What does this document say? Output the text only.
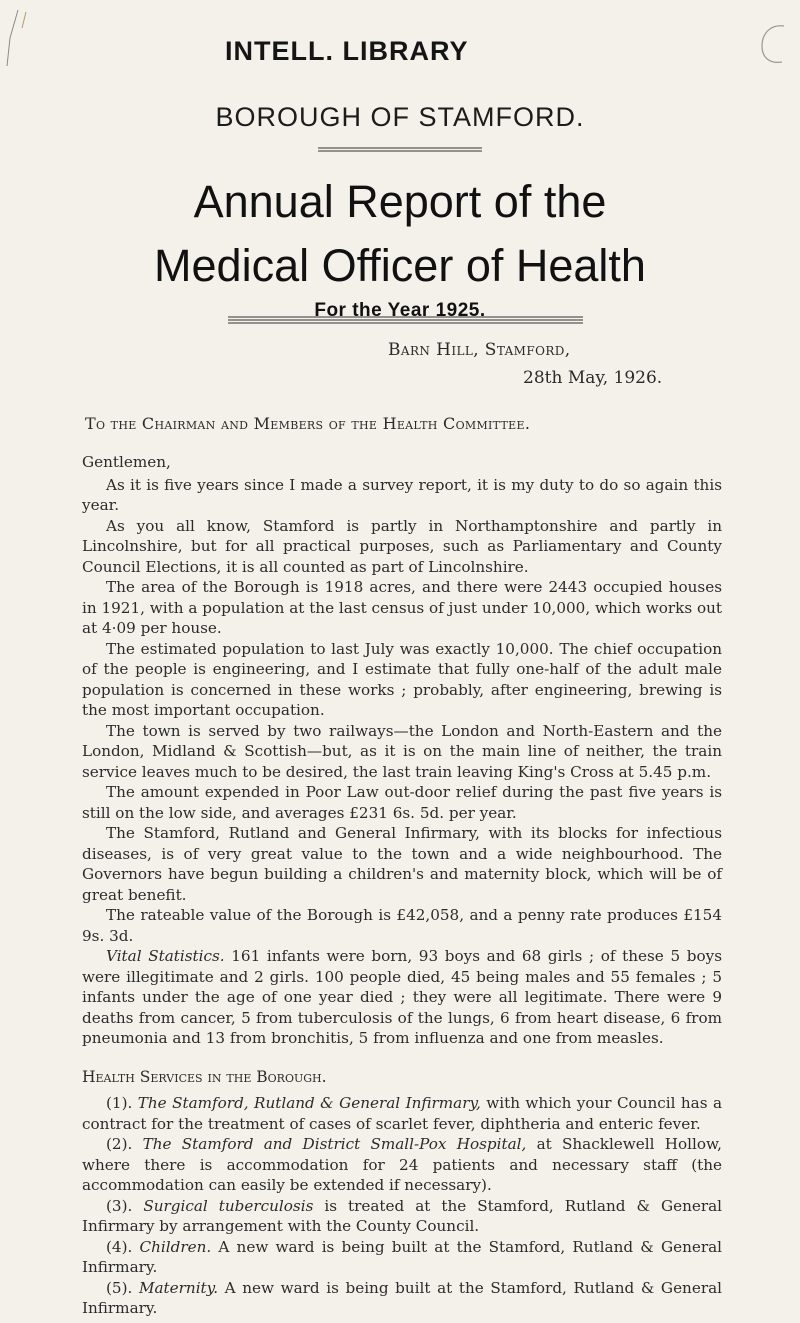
INTELL. LIBRARY
BOROUGH OF STAMFORD.
Annual Report of the
Medical Officer of Health
For the Year 1925.
Barn Hill, Stamford,
28th May, 1926.
To the Chairman and Members of the Health Committee.

Gentlemen,

As it is five years since I made a survey report, it is my duty to do so again this year.

As you all know, Stamford is partly in Northamptonshire and partly in Lincolnshire, but for all practical purposes, such as Parliamentary and County Council Elections, it is all counted as part of Lincolnshire.

The area of the Borough is 1918 acres, and there were 2443 occupied houses in 1921, with a population at the last census of just under 10,000, which works out at 4·09 per house.

The estimated population to last July was exactly 10,000. The chief occupation of the people is engineering, and I estimate that fully one-half of the adult male population is concerned in these works ; probably, after engineering, brewing is the most important occupation.

The town is served by two railways—the London and North-Eastern and the London, Midland & Scottish—but, as it is on the main line of neither, the train service leaves much to be desired, the last train leaving King's Cross at 5.45 p.m.

The amount expended in Poor Law out-door relief during the past five years is still on the low side, and averages £231 6s. 5d. per year.

The Stamford, Rutland and General Infirmary, with its blocks for infectious diseases, is of very great value to the town and a wide neighbourhood. The Governors have begun building a children's and maternity block, which will be of great benefit.

The rateable value of the Borough is £42,058, and a penny rate produces £154 9s. 3d.

Vital Statistics. 161 infants were born, 93 boys and 68 girls ; of these 5 boys were illegitimate and 2 girls. 100 people died, 45 being males and 55 females ; 5 infants under the age of one year died ; they were all legitimate. There were 9 deaths from cancer, 5 from tuberculosis of the lungs, 6 from heart disease, 6 from pneumonia and 13 from bronchitis, 5 from influenza and one from measles.

Health Services in the Borough.

(1). The Stamford, Rutland & General Infirmary, with which your Council has a contract for the treatment of cases of scarlet fever, diphtheria and enteric fever.

(2). The Stamford and District Small-Pox Hospital, at Shacklewell Hollow, where there is accommodation for 24 patients and necessary staff (the accommodation can easily be extended if necessary).

(3). Surgical tuberculosis is treated at the Stamford, Rutland & General Infirmary by arrangement with the County Council.

(4). Children. A new ward is being built at the Stamford, Rutland & General Infirmary.

(5). Maternity. A new ward is being built at the Stamford, Rutland & General Infirmary.
